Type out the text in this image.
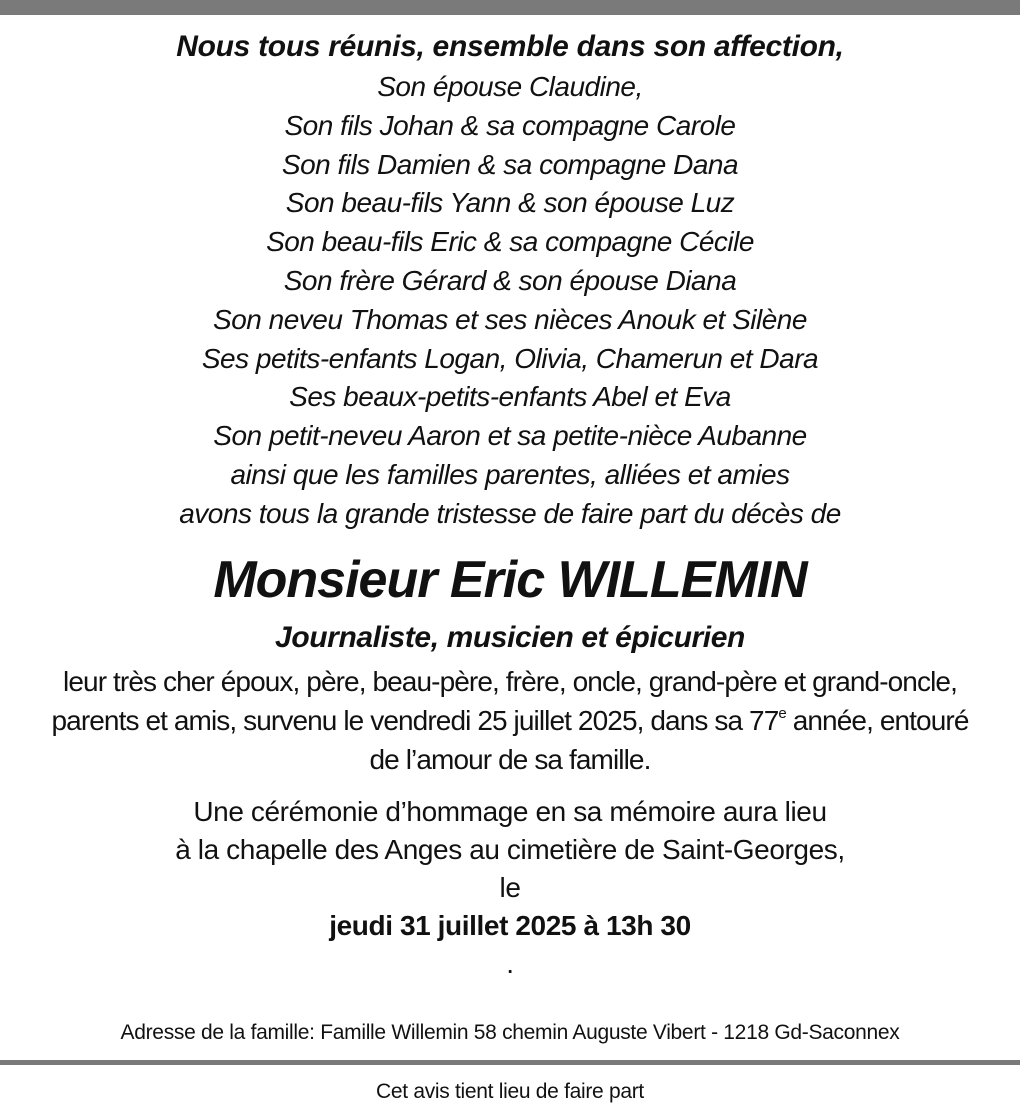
Nous tous réunis, ensemble dans son affection,

Son épouse Claudine,
Son fils Johan & sa compagne Carole
Son fils Damien & sa compagne Dana
Son beau-fils Yann & son épouse Luz
Son beau-fils Eric & sa compagne Cécile
Son frère Gérard & son épouse Diana
Son neveu Thomas et ses nièces Anouk et Silène
Ses petits-enfants Logan, Olivia, Chamerun et Dara
Ses beaux-petits-enfants Abel et Eva
Son petit-neveu Aaron et sa petite-nièce Aubanne
ainsi que les familles parentes, alliées et amies
avons tous la grande tristesse de faire part du décès de
Monsieur Eric WILLEMIN
Journaliste, musicien et épicurien
leur très cher époux, père, beau-père, frère, oncle, grand-père et grand-oncle,
parents et amis, survenu le vendredi 25 juillet 2025, dans sa 77e année, entouré
de l’amour de sa famille.
Une cérémonie d’hommage en sa mémoire aura lieu
à la chapelle des Anges au cimetière de Saint-Georges,
le
jeudi 31 juillet 2025 à 13h 30
.

Adresse de la famille: Famille Willemin 58 chemin Auguste Vibert - 1218 Gd-Saconnex

Cet avis tient lieu de faire part
